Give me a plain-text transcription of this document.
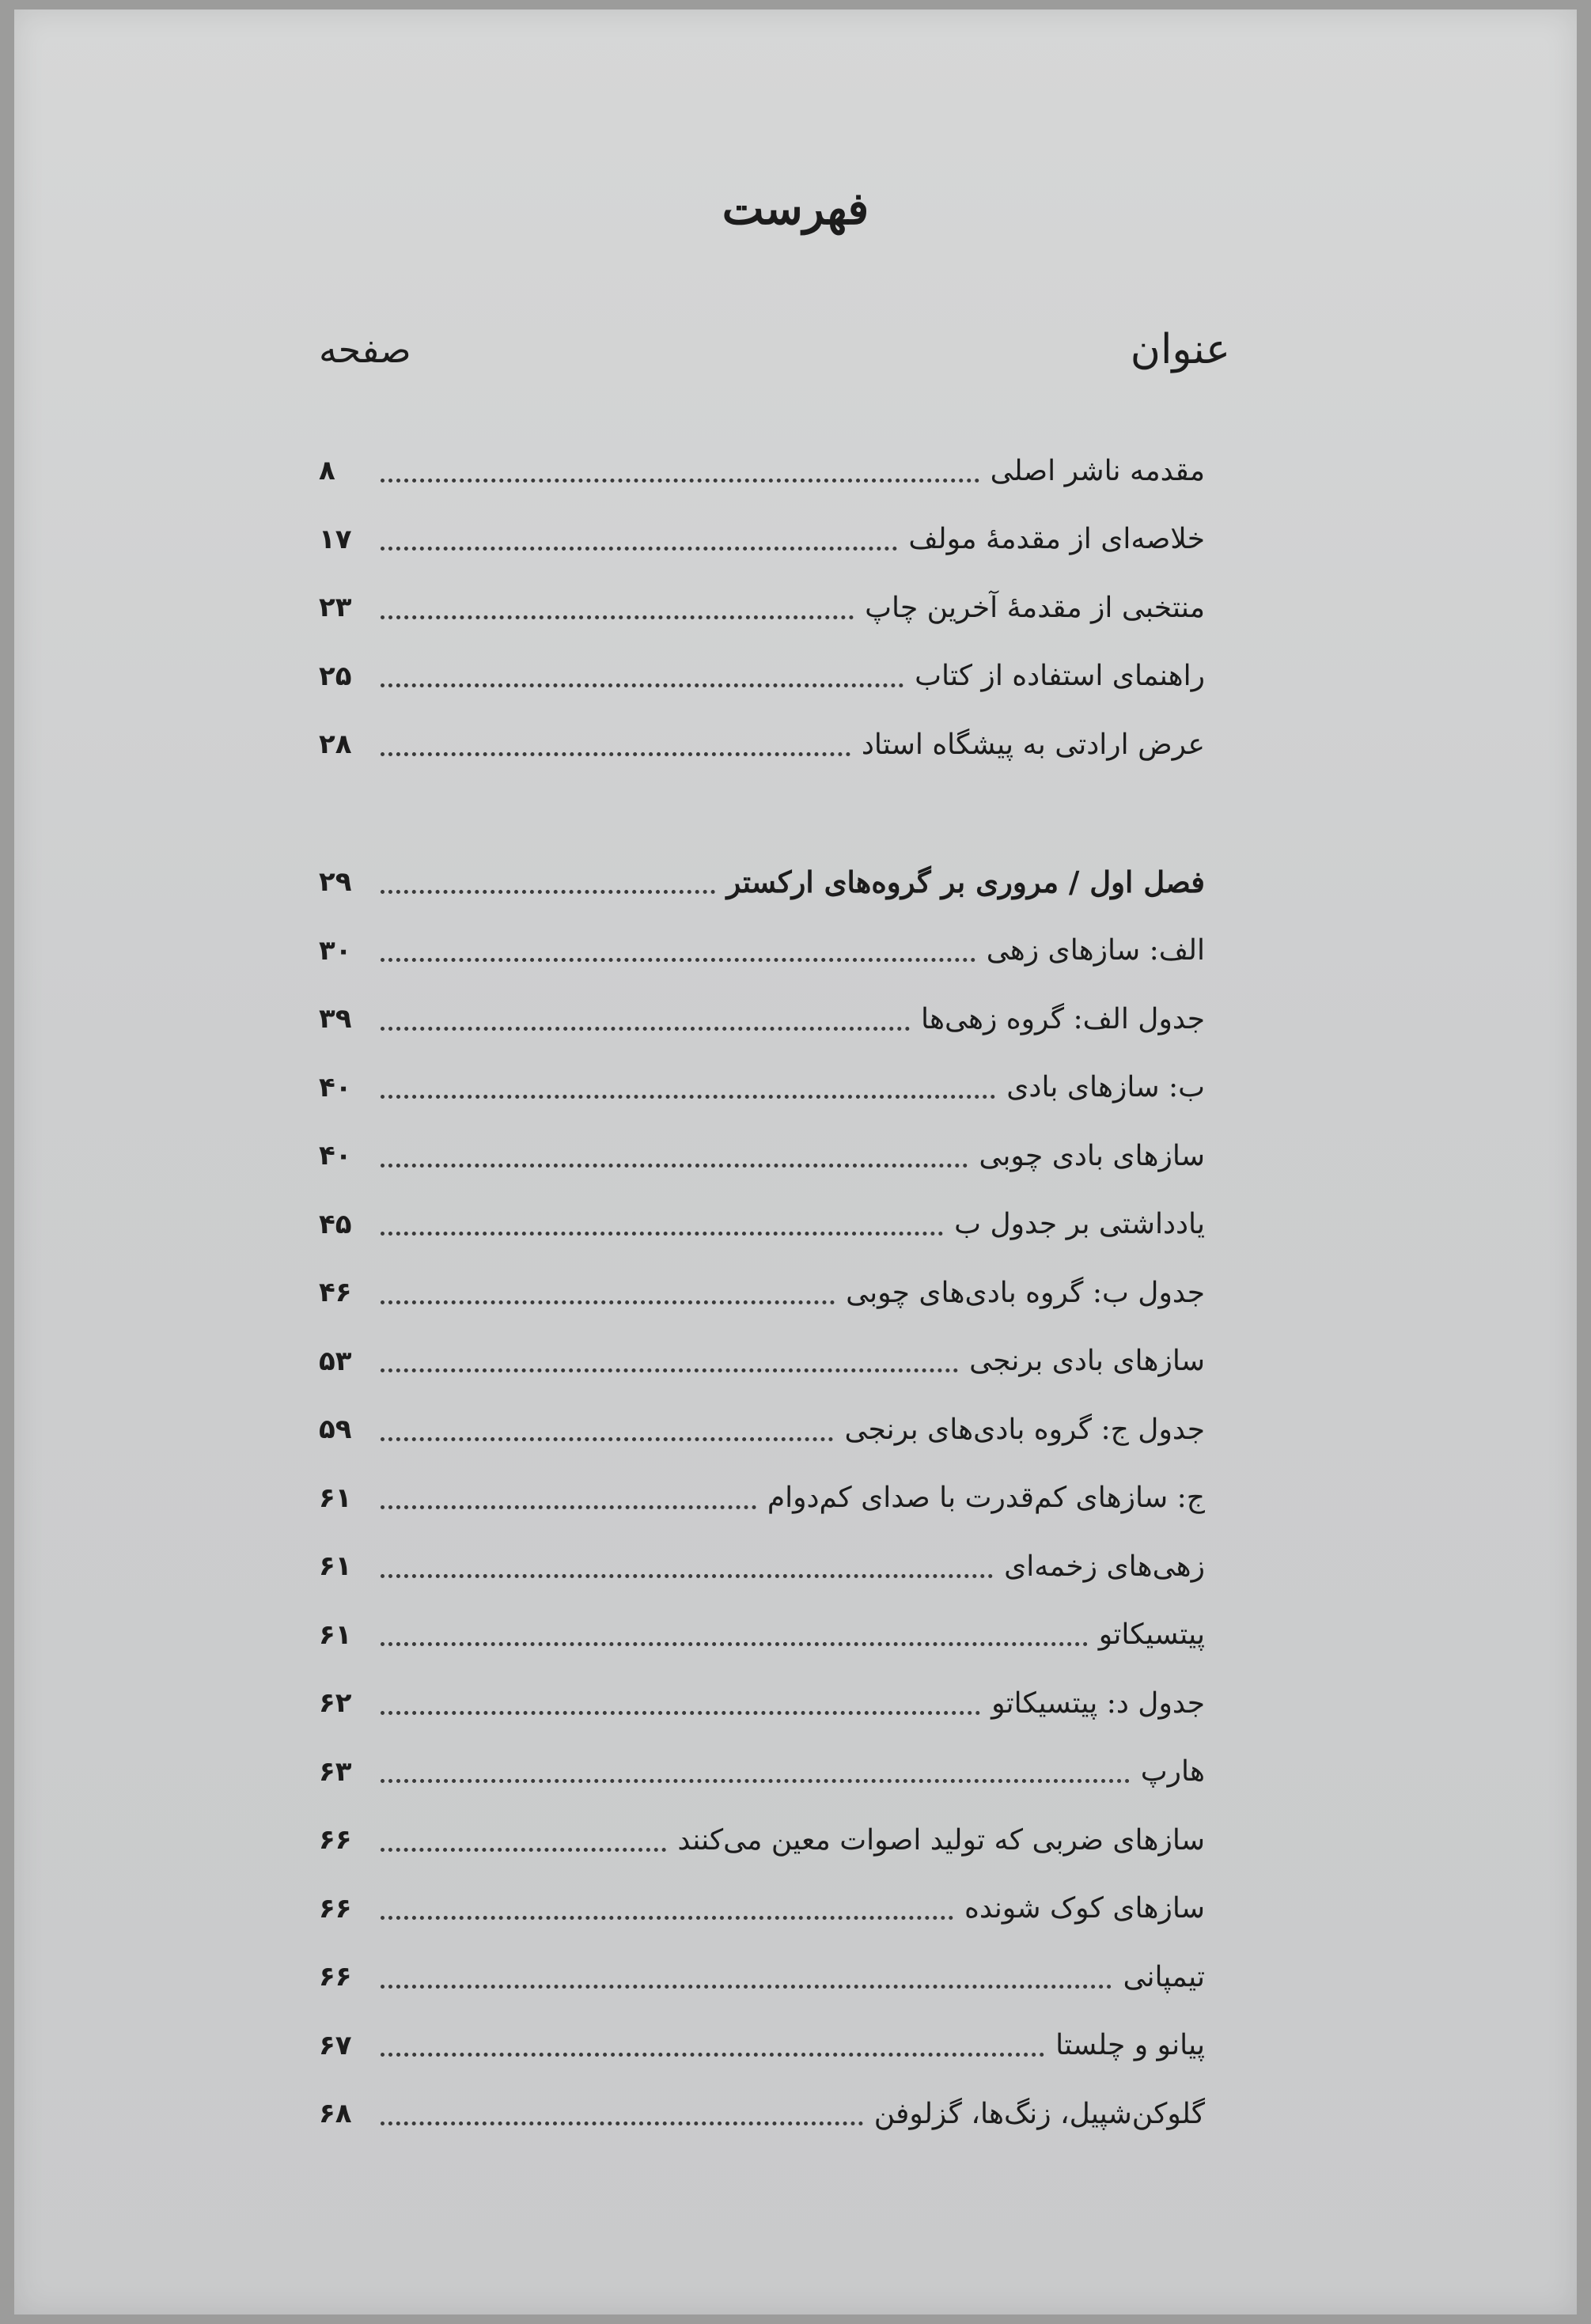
فهرست
عنوان
صفحه
مقدمه ناشر اصلی
۸
خلاصه‌ای از مقدمهٔ مولف
۱۷
منتخبی از مقدمهٔ آخرین چاپ
۲۳
راهنمای استفاده از کتاب
۲۵
عرض ارادتی به پیشگاه استاد
۲۸
فصل اول / مروری بر گروه‌های ارکستر
۲۹
الف: سازهای زهی
۳۰
جدول الف: گروه زهی‌ها
۳۹
ب: سازهای بادی
۴۰
سازهای بادی چوبی
۴۰
یادداشتی بر جدول ب
۴۵
جدول ب: گروه بادی‌های چوبی
۴۶
سازهای بادی برنجی
۵۳
جدول ج: گروه بادی‌های برنجی
۵۹
ج: سازهای کم‌قدرت با صدای کم‌دوام
۶۱
زهی‌های زخمه‌ای
۶۱
پیتسیکاتو
۶۱
جدول د: پیتسیکاتو
۶۲
هارپ
۶۳
سازهای ضربی که تولید اصوات معین می‌کنند
۶۶
سازهای کوک شونده
۶۶
تیمپانی
۶۶
پیانو و چلستا
۶۷
گلوکن‌شپیل، زنگ‌ها، گزلوفن
۶۸
